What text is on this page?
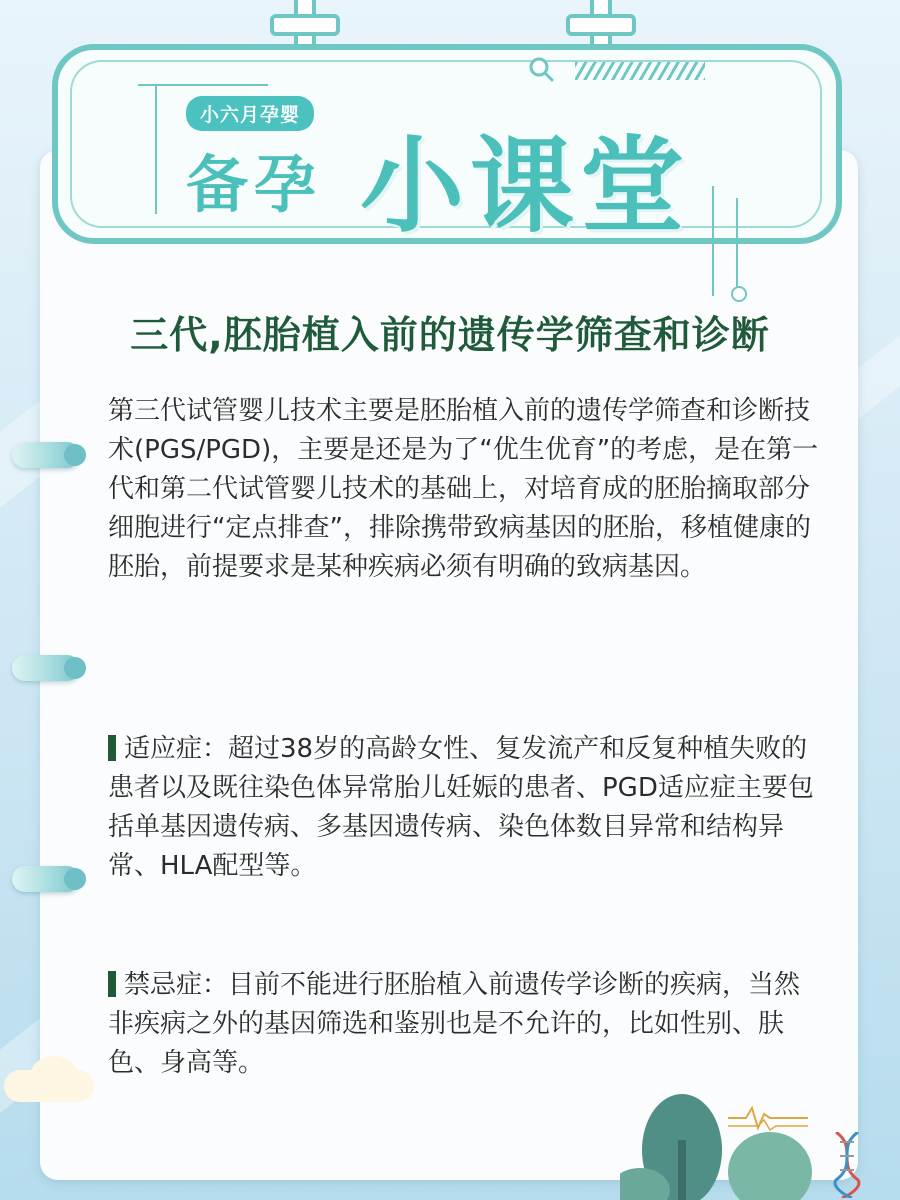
小六月孕婴
备孕 小课堂
三代,胚胎植入前的遗传学筛查和诊断
第三代试管婴儿技术主要是胚胎植入前的遗传学筛查和诊断技术(PGS/PGD)，主要是还是为了“优生优育”的考虑，是在第一代和第二代试管婴儿技术的基础上，对培育成的胚胎摘取部分细胞进行“定点排查”，排除携带致病基因的胚胎，移植健康的胚胎，前提要求是某种疾病必须有明确的致病基因。
适应症：超过38岁的高龄女性、复发流产和反复种植失败的患者以及既往染色体异常胎儿妊娠的患者、PGD适应症主要包括单基因遗传病、多基因遗传病、染色体数目异常和结构异常、HLA配型等。
禁忌症：目前不能进行胚胎植入前遗传学诊断的疾病，当然非疾病之外的基因筛选和鉴别也是不允许的，比如性别、肤色、身高等。
